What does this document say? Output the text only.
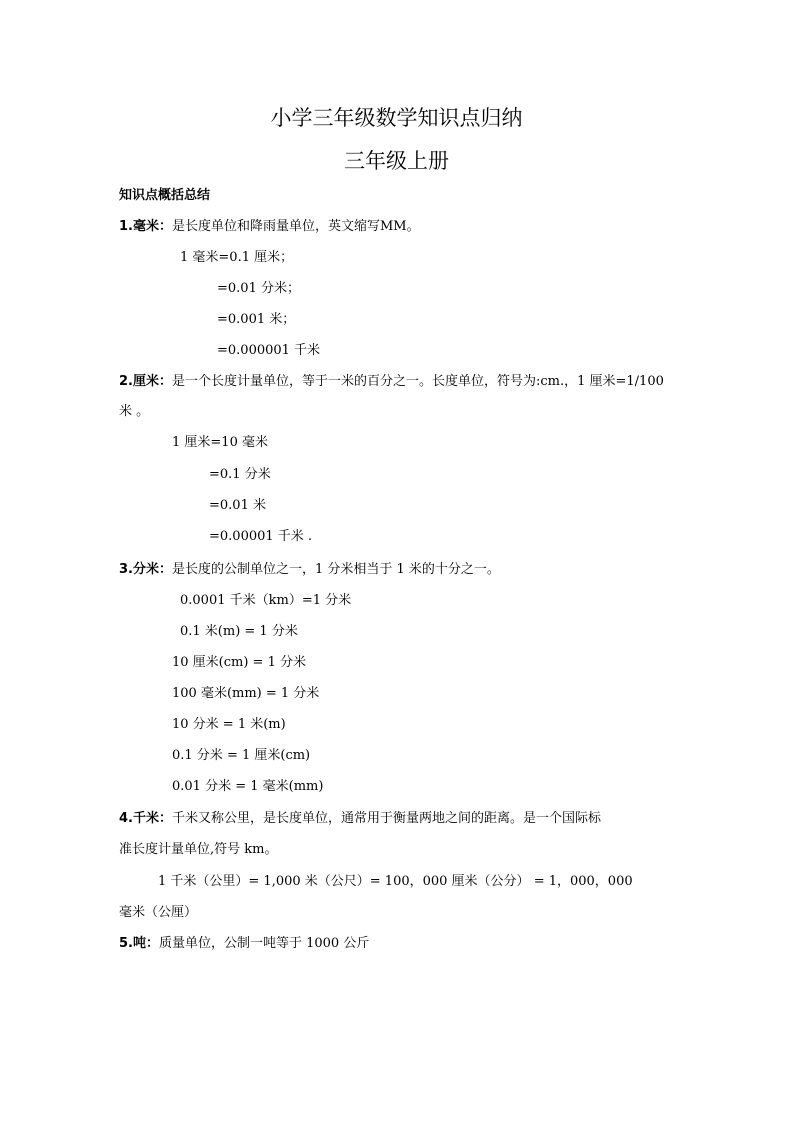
小学三年级数学知识点归纳
三年级上册
知识点概括总结
1.毫米：是长度单位和降雨量单位，英文缩写MM。
1 毫米=0.1 厘米；
=0.01 分米；
=0.001 米；
=0.000001 千米
2.厘米：是一个长度计量单位，等于一米的百分之一。长度单位，符号为:cm.，1 厘米=1/100
米 。
1 厘米=10 毫米
=0.1 分米
=0.01 米
=0.00001 千米 .
3.分米：是长度的公制单位之一，1 分米相当于 1 米的十分之一。
0.0001 千米（km）=1 分米
0.1 米(m) = 1 分米
10 厘米(cm) = 1 分米
100 毫米(mm) = 1 分米
10 分米 = 1 米(m)
0.1 分米 = 1 厘米(cm)
0.01 分米 = 1 毫米(mm)
4.千米：千米又称公里，是长度单位，通常用于衡量两地之间的距离。是一个国际标
准长度计量单位,符号 km。
1 千米（公里）= 1,000 米（公尺）= 100，000 厘米（公分） = 1，000，000
毫米（公厘）
5.吨：质量单位，公制一吨等于 1000 公斤
